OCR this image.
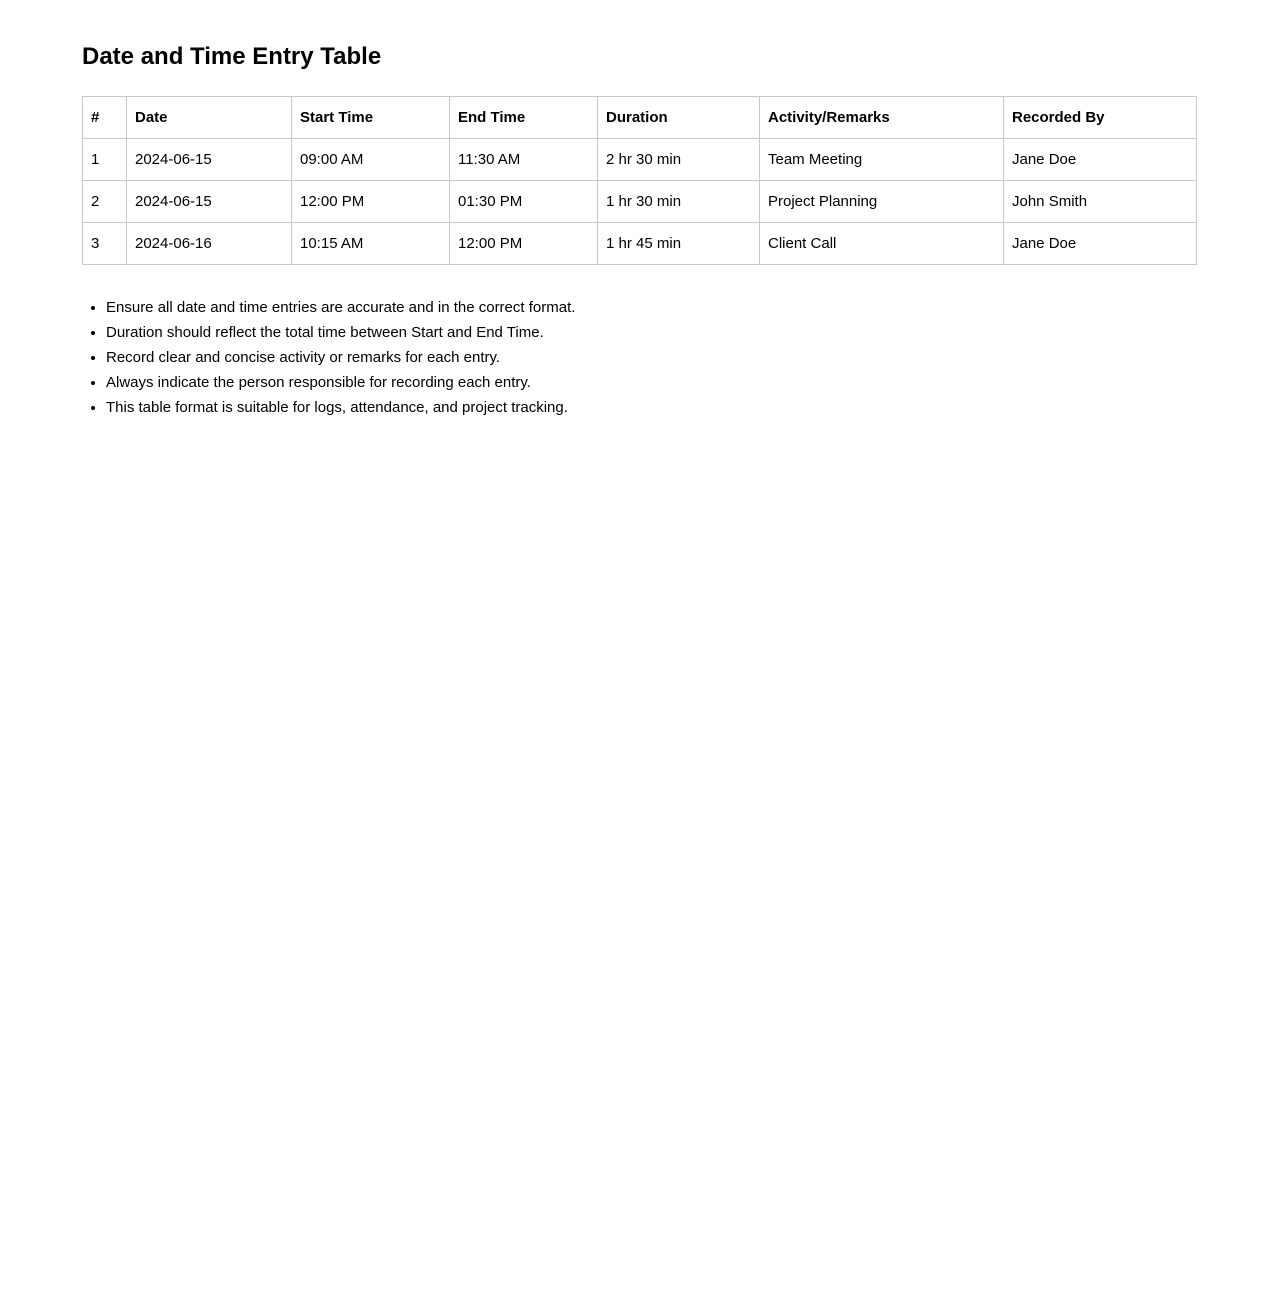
Date and Time Entry Table
#	Date	Start Time	End Time	Duration	Activity/Remarks	Recorded By
1	2024-06-15	09:00 AM	11:30 AM	2 hr 30 min	Team Meeting	Jane Doe
2	2024-06-15	12:00 PM	01:30 PM	1 hr 30 min	Project Planning	John Smith
3	2024-06-16	10:15 AM	12:00 PM	1 hr 45 min	Client Call	Jane Doe
• Ensure all date and time entries are accurate and in the correct format.
• Duration should reflect the total time between Start and End Time.
• Record clear and concise activity or remarks for each entry.
• Always indicate the person responsible for recording each entry.
• This table format is suitable for logs, attendance, and project tracking.
